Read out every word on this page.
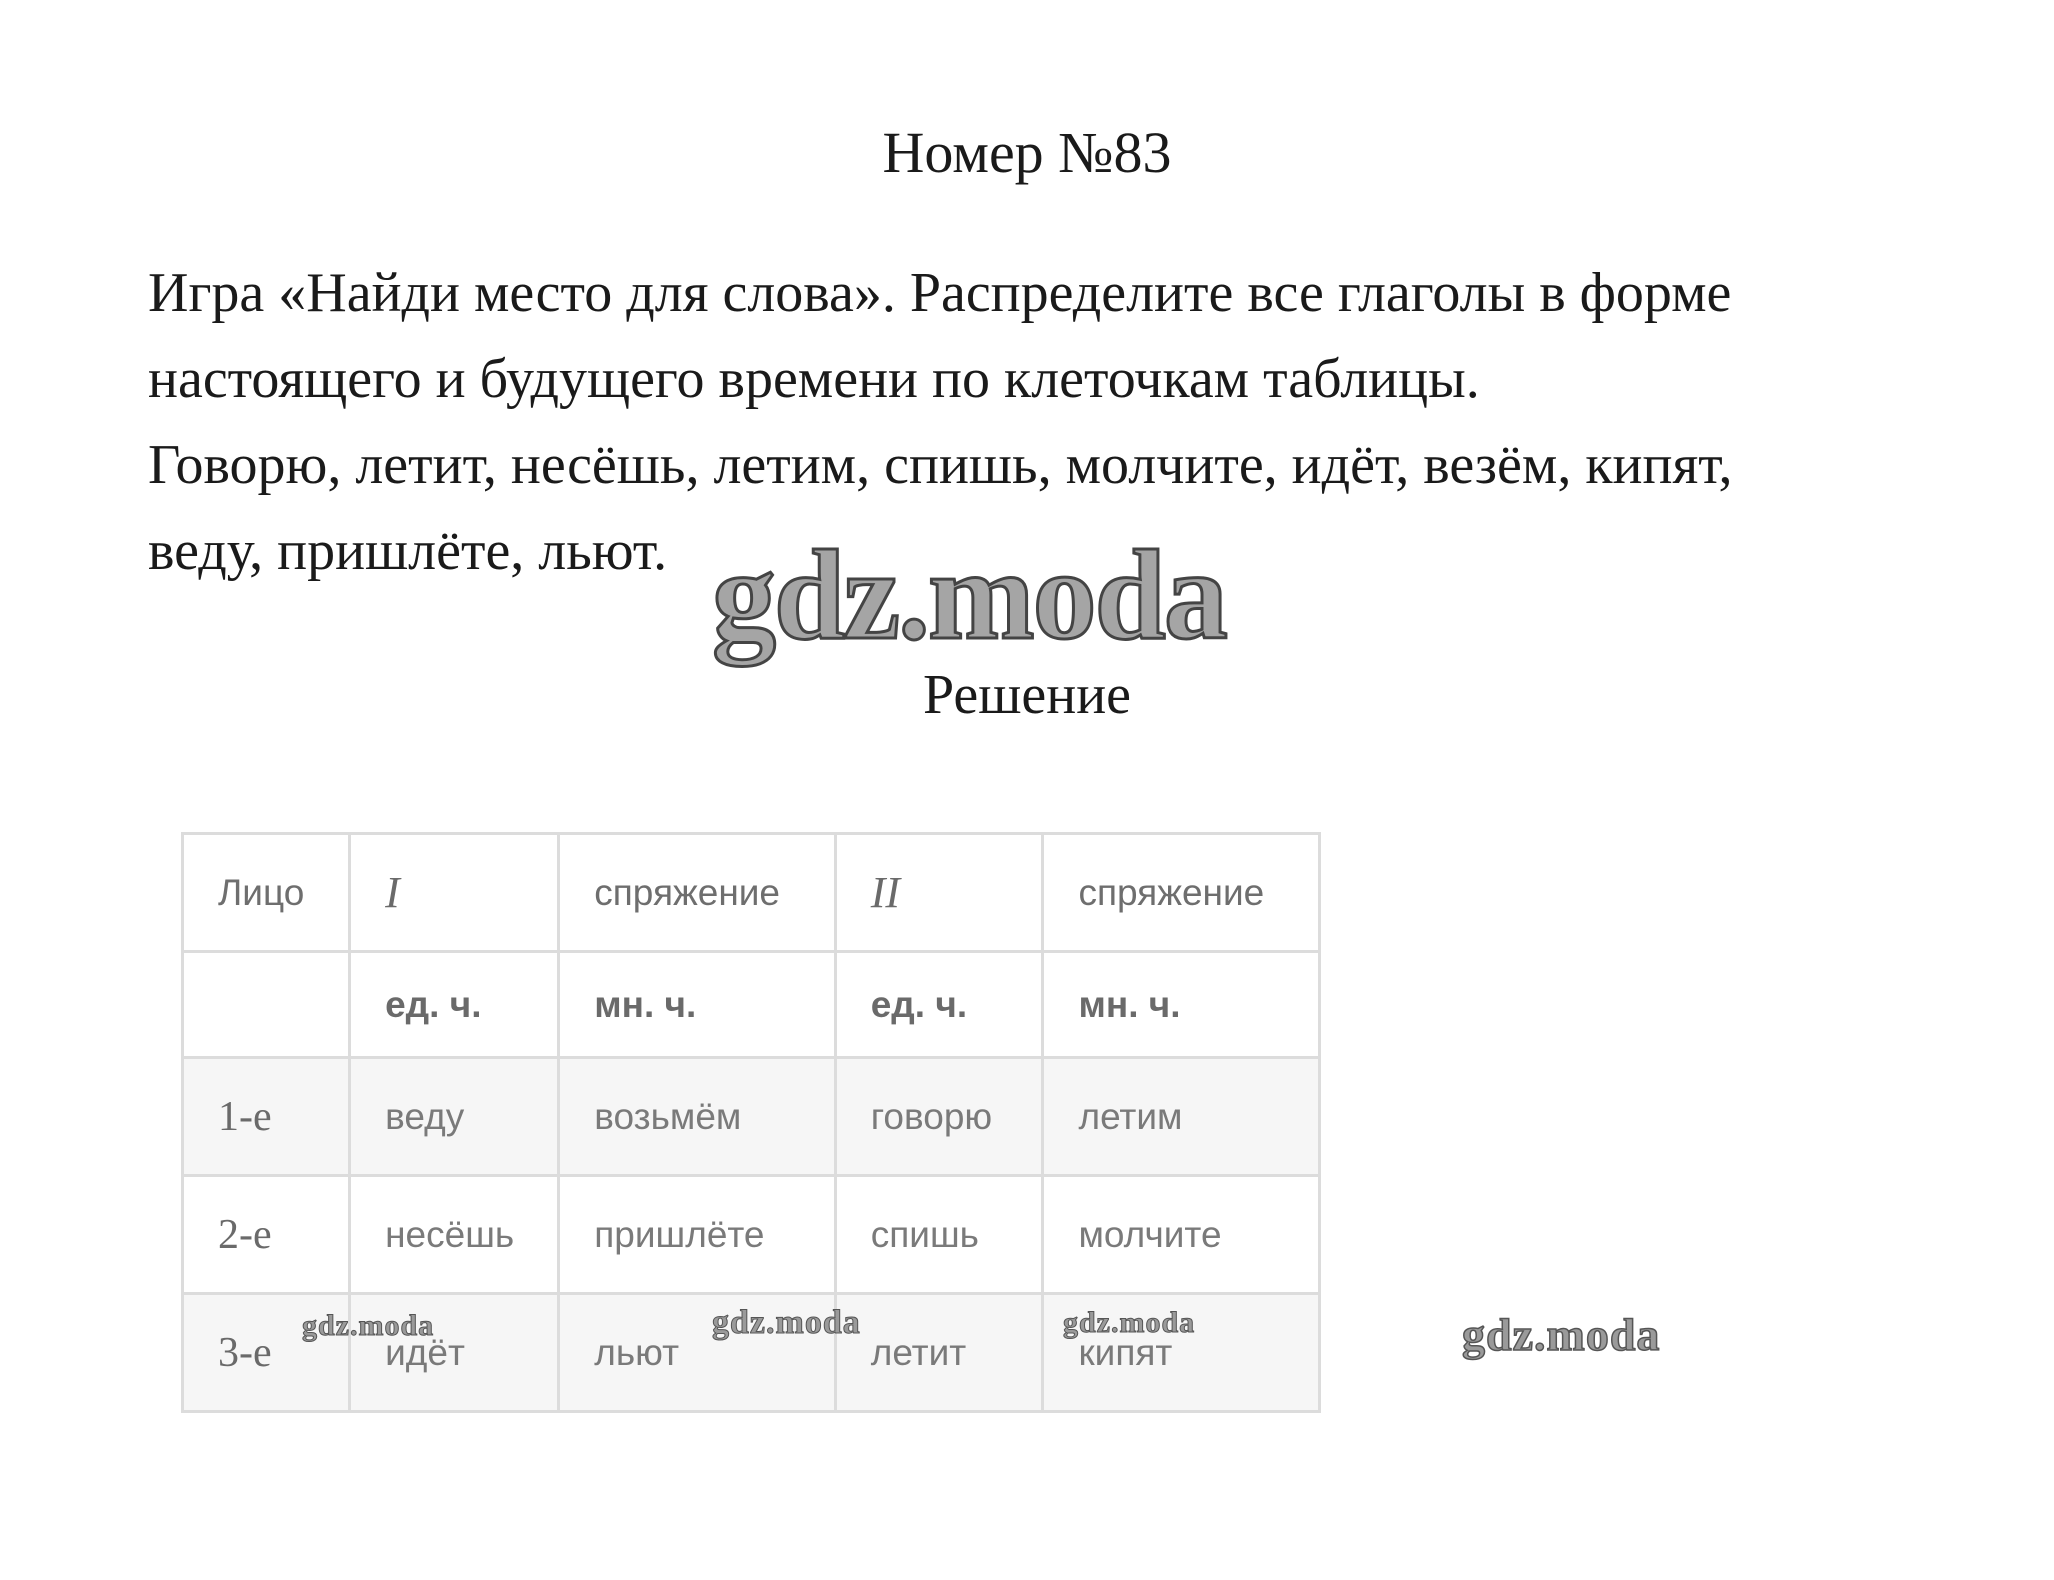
Номер №83

Игра «Найди место для слова». Распределите все глаголы в форме

настоящего и будущего времени по клеточкам таблицы.

Говорю, летит, несёшь, летим, спишь, молчите, идёт, везём, кипят,

веду, пришлёте, льют. gdz.moda
Решение
Лицо	I	спряжение	II	спряжение
	ед. ч.	мн. ч.	ед. ч.	мн. ч.
1-е	веду	возьмём	говорю	летим
2-е	несёшь	пришлёте	спишь	молчите
3-е	идёт	льют	летит	кипят
gdz.moda	gdz.moda	gdz.moda	gdz.moda
